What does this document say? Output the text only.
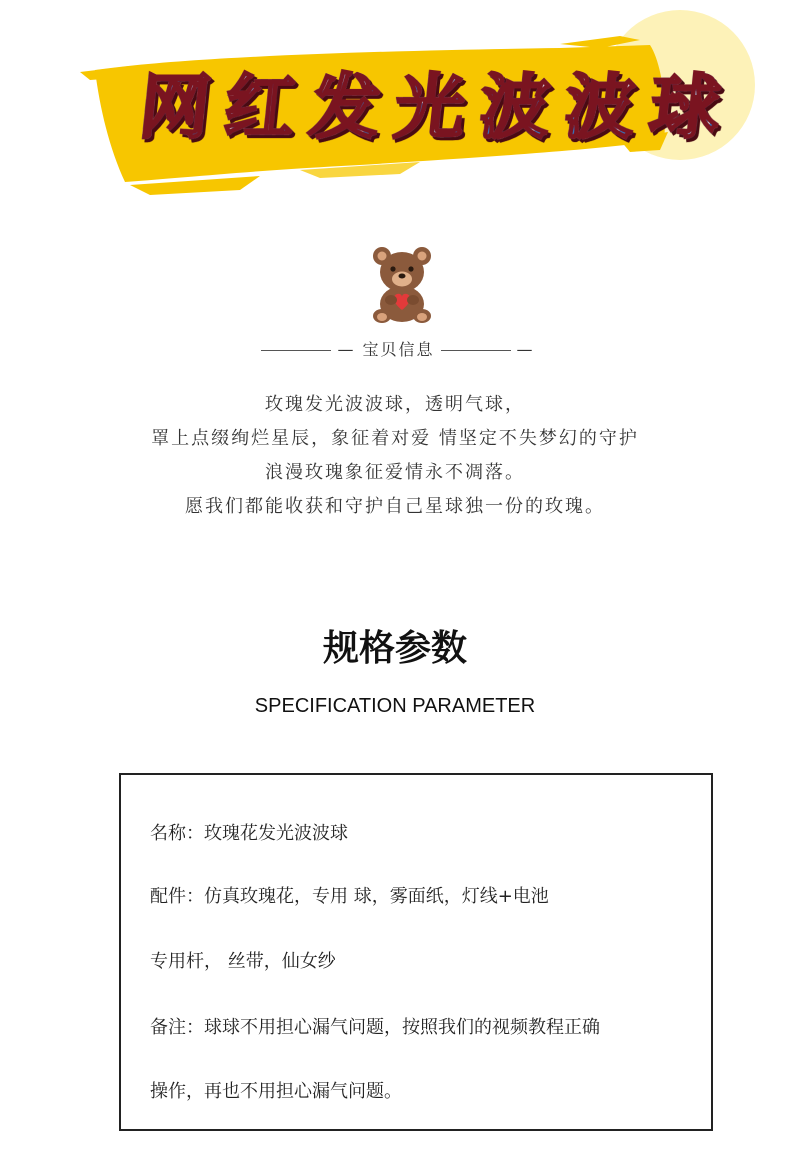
网 红 发 光 波 波 球
— 宝贝信息	—

玫瑰发光波波球，透明气球，

罩上点缀绚烂星辰，象征着对爱 情坚定不失梦幻的守护

浪漫玫瑰象征爱情永不凋落。

愿我们都能收获和守护自己星球独一份的玫瑰。

规格参数
SPECIFICATION PARAMETER
名称：玫瑰花发光波波球
配件：仿真玫瑰花，专用 球，雾面纸，灯线+电池
专用杆， 丝带，仙女纱
备注：球球不用担心漏气问题，按照我们的视频教程正确
操作，再也不用担心漏气问题。
